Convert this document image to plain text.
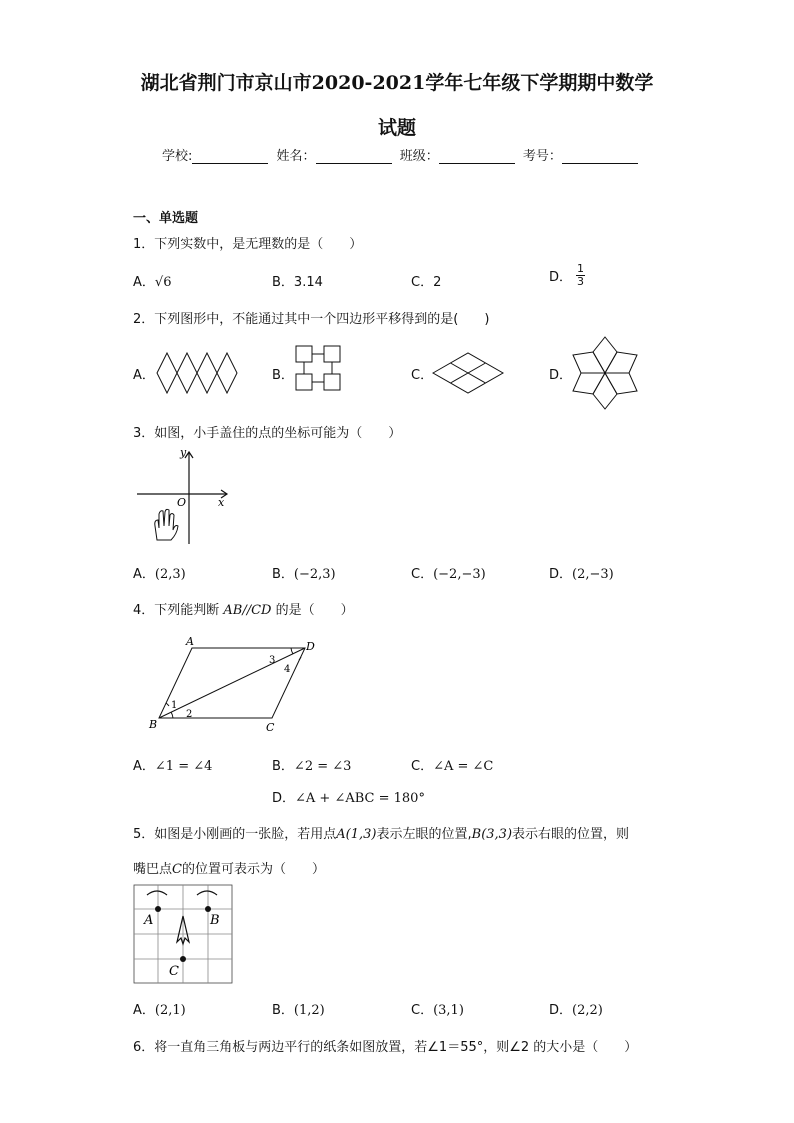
湖北省荆门市京山市2020-2021学年七年级下学期期中数学
试题
学校:	姓名：	班级：	考号：
一、单选题
1．下列实数中，是无理数的是（　　）
A．√6	B．3.14	C．2	D． $\frac{1}{3}$
2．下列图形中，不能通过其中一个四边形平移得到的是(　　)
A．	B．	C．	D．
3．如图，小手盖住的点的坐标可能为（　　）
y
x
O
A．(2,3)	B．(−2,3)	C．(−2,−3)	D．(2,−3)
4．下列能判断 AB//CD 的是（　　）
A	D
B	C
1
2
3
4
A．∠1 = ∠4	B．∠2 = ∠3	C．∠A = ∠C
D．∠A + ∠ABC = 180°
5．如图是小刚画的一张脸，若用点A(1,3)表示左眼的位置,B(3,3)表示右眼的位置，则
嘴巴点C的位置可表示为（　　）
A	B
C
A．(2,1)	B．(1,2)	C．(3,1)	D．(2,2)
6．将一直角三角板与两边平行的纸条如图放置，若∠1＝55°，则∠2 的大小是（　　）
